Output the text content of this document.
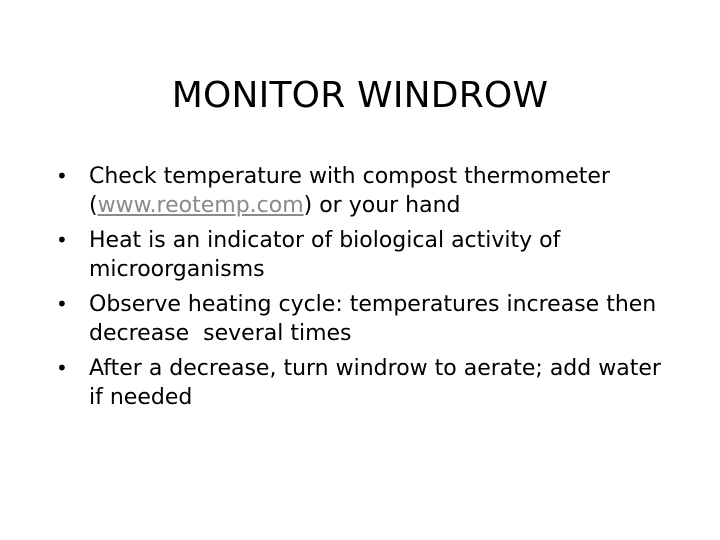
MONITOR WINDROW
• Check temperature with compost thermometer (www.reotemp.com) or your hand
• Heat is an indicator of biological activity of microorganisms
• Observe heating cycle: temperatures increase then decrease  several times
• After a decrease, turn windrow to aerate; add water if needed
